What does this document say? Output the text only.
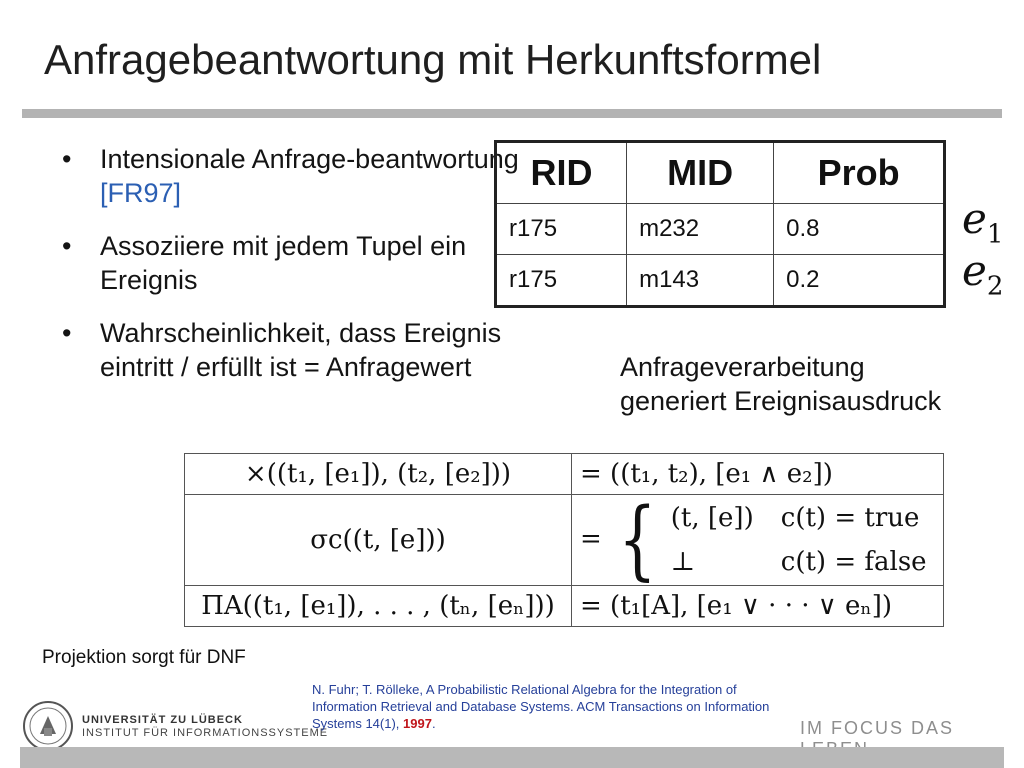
Anfragebeantwortung mit Herkunftsformel
• Intensionale Anfrage-beantwortung [FR97]
• Assoziiere mit jedem Tupel ein Ereignis
• Wahrscheinlichkeit, dass Ereignis eintritt / erfüllt ist = Anfragewert
RID	MID	Prob
r175	m232	0.8
r175	m143	0.2
$e_1$
$e_2$
Anfrageverarbeitung generiert Ereignisausdruck
×((t₁, [e₁]), (t₂, [e₂]))	= ((t₁, t₂), [e₁ ∧ e₂])
σc((t, [e]))	= { (t, [e]) c(t) = true
⊥ c(t) = false

ΠA((t₁, [e₁]), . . . , (tₙ, [eₙ]))	= (t₁[A], [e₁ ∨ · · · ∨ eₙ])
Projektion sorgt für DNF
UNIVERSITÄT ZU LÜBECK
INSTITUT FÜR INFORMATIONSSYSTEME
N. Fuhr; T. Rölleke, A Probabilistic Relational Algebra for the Integration of Information Retrieval and Database Systems. ACM Transactions on Information Systems 14(1), 1997.	IM FOCUS DAS
